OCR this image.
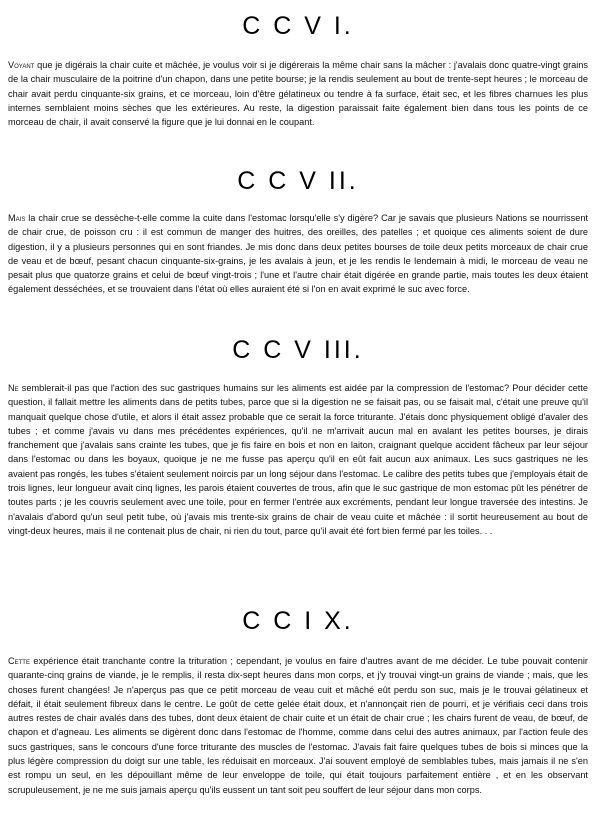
C C V I.

Voyant que je digérais la chair cuite et mâchée, je voulus voir si je digérerais la même chair sans la mâcher : j'avalais donc quatre-vingt grains de la chair musculaire de la poitrine d'un chapon, dans une petite bourse; je la rendis seulement au bout de trente-sept heures ; le morceau de chair avait perdu cinquante-six grains, et ce morceau, loin d'être gélatineux ou tendre à fa surface, était sec, et les fibres charnues les plus internes semblaient moins sèches que les extérieures. Au reste, la digestion paraissait faite également bien dans tous les points de ce morceau de chair, il avait conservé la figure que je lui donnai en le coupant.

C C V II.

Mais la chair crue se dessèche-t-elle comme la cuite dans l'estomac lorsqu'elle s'y digère? Car je savais que plusieurs Nations se nourrissent de chair crue, de poisson cru : il est commun de manger des huitres, des oreilles, des patelles ; et quoique ces aliments soient de dure digestion, il y a plusieurs personnes qui en sont friandes. Je mis donc dans deux petites bourses de toile deux petits morceaux de chair crue de veau et de bœuf, pesant chacun cinquante-six-grains, je les avalais à jeun, et je les rendis le lendemain à midi, le morceau de veau ne pesait plus que quatorze grains et celui de bœuf vingt-trois ; l'une et l'autre chair était digérée en grande partie, mais toutes les deux étaient également desséchées, et se trouvaient dans l'état où elles auraient été si l'on en avait exprimé le suc avec force.

C C V III.

Ne semblerait-il pas que l'action des suc gastriques humains sur les aliments est aidée par la compression de l'estomac? Pour décider cette question, il fallait mettre les aliments dans de petits tubes, parce que si la digestion ne se faisait pas, ou se faisait mal, c'était une preuve qu'il manquait quelque chose d'utile, et alors il était assez probable que ce serait la force triturante. J'étais donc physiquement obligé d'avaler des tubes ; et comme j'avais vu dans mes précédentes expériences, qu'il ne m'arrivait aucun mal en avalant les petites bourses, je dirais franchement que j'avalais sans crainte les tubes, que je fis faire en bois et non en laiton, craignant quelque accident fâcheux par leur séjour dans l'estomac ou dans les boyaux, quoique je ne me fusse pas aperçu qu'il en eût fait aucun aux animaux. Les sucs gastriques ne les avaient pas rongés, les tubes s'étaient seulement noircis par un long séjour dans l'estomac. Le calibre des petits tubes que j'employais était de trois lignes, leur longueur avait cinq lignes, les parois étaient couvertes de trous, afin que le suc gastrique de mon estomac pût les pénétrer de toutes parts ; je les couvris seulement avec une toile, pour en fermer l'entrée aux excréments, pendant leur longue traversée des intestins. Je n'avalais d'abord qu'un seul petit tube, où j'avais mis trente-six grains de chair de veau cuite et mâchée : il sortit heureusement au bout de vingt-deux heures, mais il ne contenait plus de chair, ni rien du tout, parce qu'il avait été fort bien fermé par les toiles. . .

C C I X.

Cette expérience était tranchante contre la trituration ; cependant, je voulus en faire d'autres avant de me décider. Le tube pouvait contenir quarante-cinq grains de viande, je le remplis, il resta dix-sept heures dans mon corps, et j'y trouvai vingt-un grains de viande ; mais, que les choses furent changées! Je n'aperçus pas que ce petit morceau de veau cuit et mâché eût perdu son suc, mais je le trouvai gélatineux et défait, il était seulement fibreux dans le centre. Le goût de cette gelée était doux, et n'annonçait rien de pourri, et je vérifiais ceci dans trois autres restes de chair avalés dans des tubes, dont deux étaient de chair cuite et un était de chair crue ; les chairs furent de veau, de bœuf, de chapon et d'agneau. Les aliments se digèrent donc dans l'estomac de l'homme, comme dans celui des autres animaux, par l'action feule des sucs gastriques, sans le concours d'une force triturante des muscles de l'estomac. J'avais fait faire quelques tubes de bois si minces que la plus légère compression du doigt sur une table, les réduisait en morceaux. J'ai souvent employé de semblables tubes, mais jamais il ne s'en est rompu un seul, en les dépouillant même de leur enveloppe de toile, qui était toujours parfaitement entière , et en les observant scrupuleusement, je ne me suis jamais aperçu qu'ils eussent un tant soit peu souffert de leur séjour dans mon corps.
